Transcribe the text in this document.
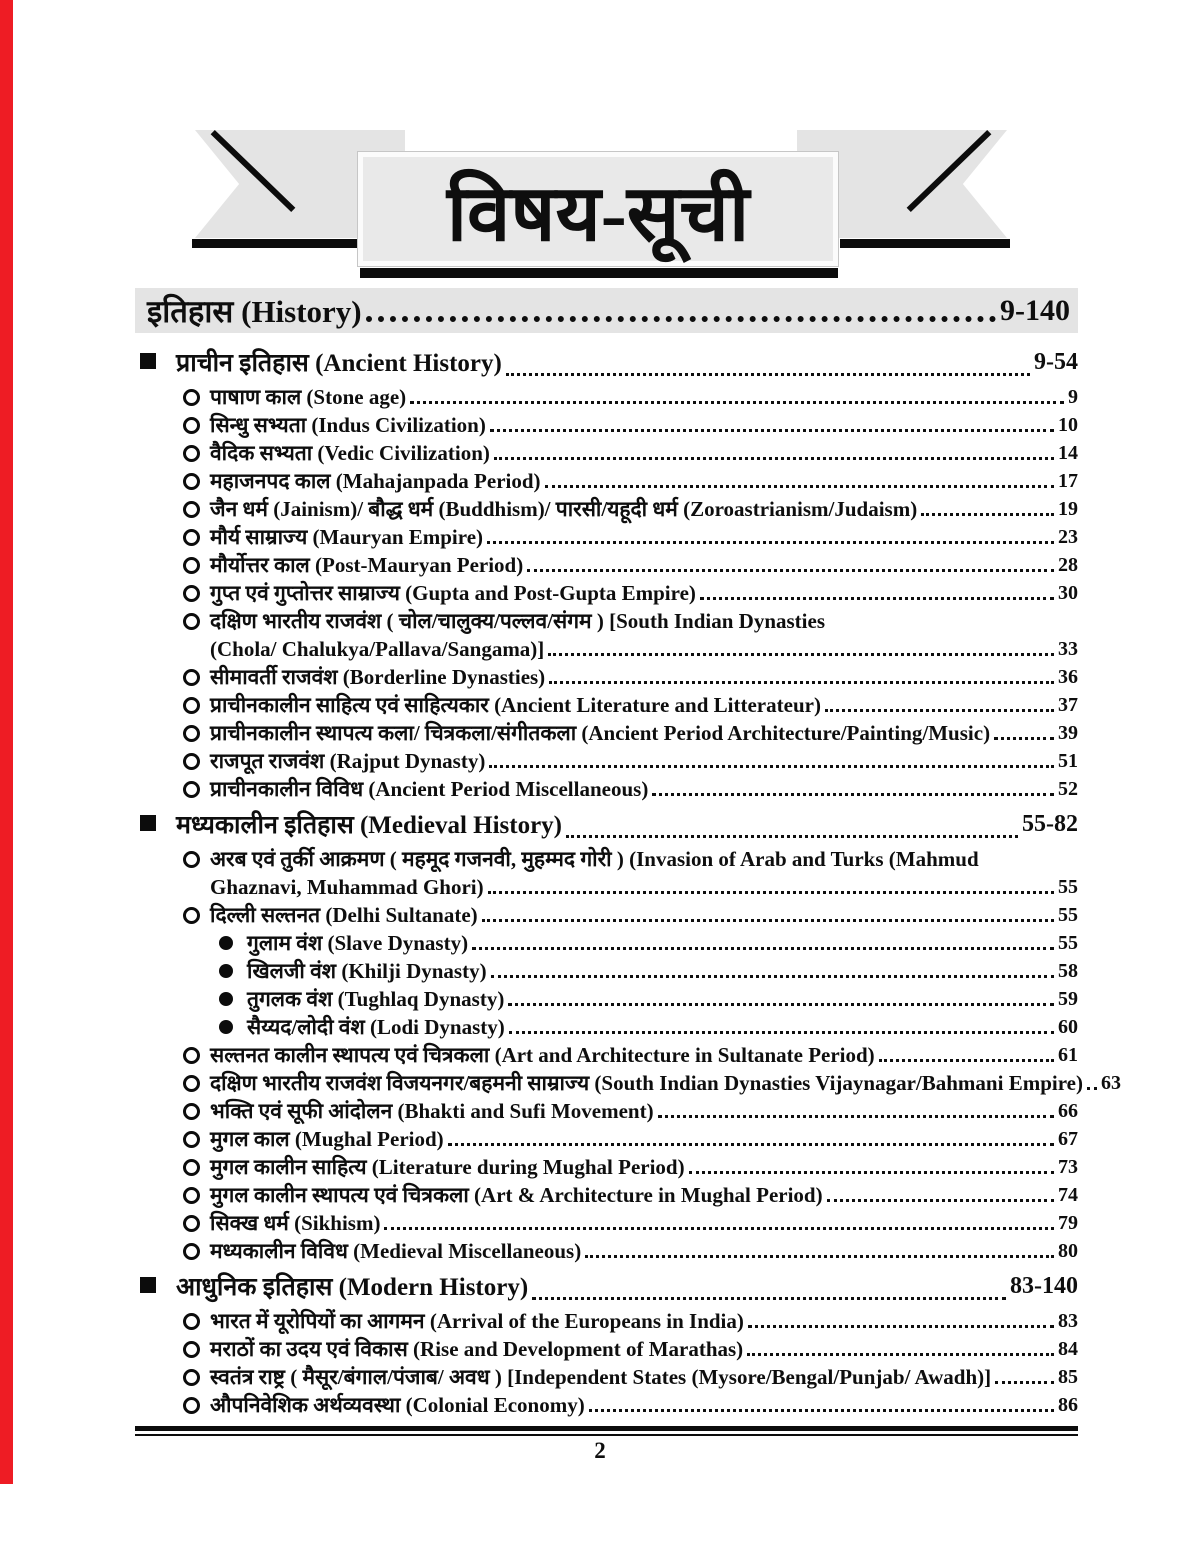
विषय-सूची
इतिहास (History)	9-140
प्राचीन इतिहास (Ancient History)	9-54
पाषाण काल (Stone age)	9
सिन्धु सभ्यता (Indus Civilization)	10
वैदिक सभ्यता (Vedic Civilization)	14
महाजनपद काल (Mahajanpada Period)	17
जैन धर्म (Jainism)/ बौद्ध धर्म (Buddhism)/ पारसी/यहूदी धर्म (Zoroastrianism/Judaism)	19
मौर्य साम्राज्य (Mauryan Empire)	23
मौर्योत्तर काल (Post-Mauryan Period)	28
गुप्त एवं गुप्तोत्तर साम्राज्य (Gupta and Post-Gupta Empire)	30
दक्षिण भारतीय राजवंश ( चोल/चालुक्य/पल्लव/संगम ) [South Indian Dynasties
(Chola/ Chalukya/Pallava/Sangama)]	33
सीमावर्ती राजवंश (Borderline Dynasties)	36
प्राचीनकालीन साहित्य एवं साहित्यकार (Ancient Literature and Litterateur)	37
प्राचीनकालीन स्थापत्य कला/ चित्रकला/संगीतकला (Ancient Period Architecture/Painting/Music)	39
राजपूत राजवंश (Rajput Dynasty)	51
प्राचीनकालीन विविध (Ancient Period Miscellaneous)	52
मध्यकालीन इतिहास (Medieval History)	55-82
अरब एवं तुर्की आक्रमण ( महमूद गजनवी, मुहम्मद गोरी ) (Invasion of Arab and Turks (Mahmud
Ghaznavi, Muhammad Ghori)	55
दिल्ली सल्तनत (Delhi Sultanate)	55
गुलाम वंश (Slave Dynasty)	55
खिलजी वंश (Khilji Dynasty)	58
तुगलक वंश (Tughlaq Dynasty)	59
सैय्यद/लोदी वंश (Lodi Dynasty)	60
सल्तनत कालीन स्थापत्य एवं चित्रकला (Art and Architecture in Sultanate Period)	61
दक्षिण भारतीय राजवंश विजयनगर/बहमनी साम्राज्य (South Indian Dynasties Vijaynagar/Bahmani Empire) 63
भक्ति एवं सूफी आंदोलन (Bhakti and Sufi Movement)	66
मुगल काल (Mughal Period)	67
मुगल कालीन साहित्य (Literature during Mughal Period)	73
मुगल कालीन स्थापत्य एवं चित्रकला (Art & Architecture in Mughal Period)	74
सिक्ख धर्म (Sikhism)	79
मध्यकालीन विविध (Medieval Miscellaneous)	80
आधुनिक इतिहास (Modern History)	83-140
भारत में यूरोपियों का आगमन (Arrival of the Europeans in India)	83
मराठों का उदय एवं विकास (Rise and Development of Marathas)	84
स्वतंत्र राष्ट्र ( मैसूर/बंगाल/पंजाब/ अवध ) [Independent States (Mysore/Bengal/Punjab/ Awadh)]	85
औपनिवेशिक अर्थव्यवस्था (Colonial Economy)	86
2
